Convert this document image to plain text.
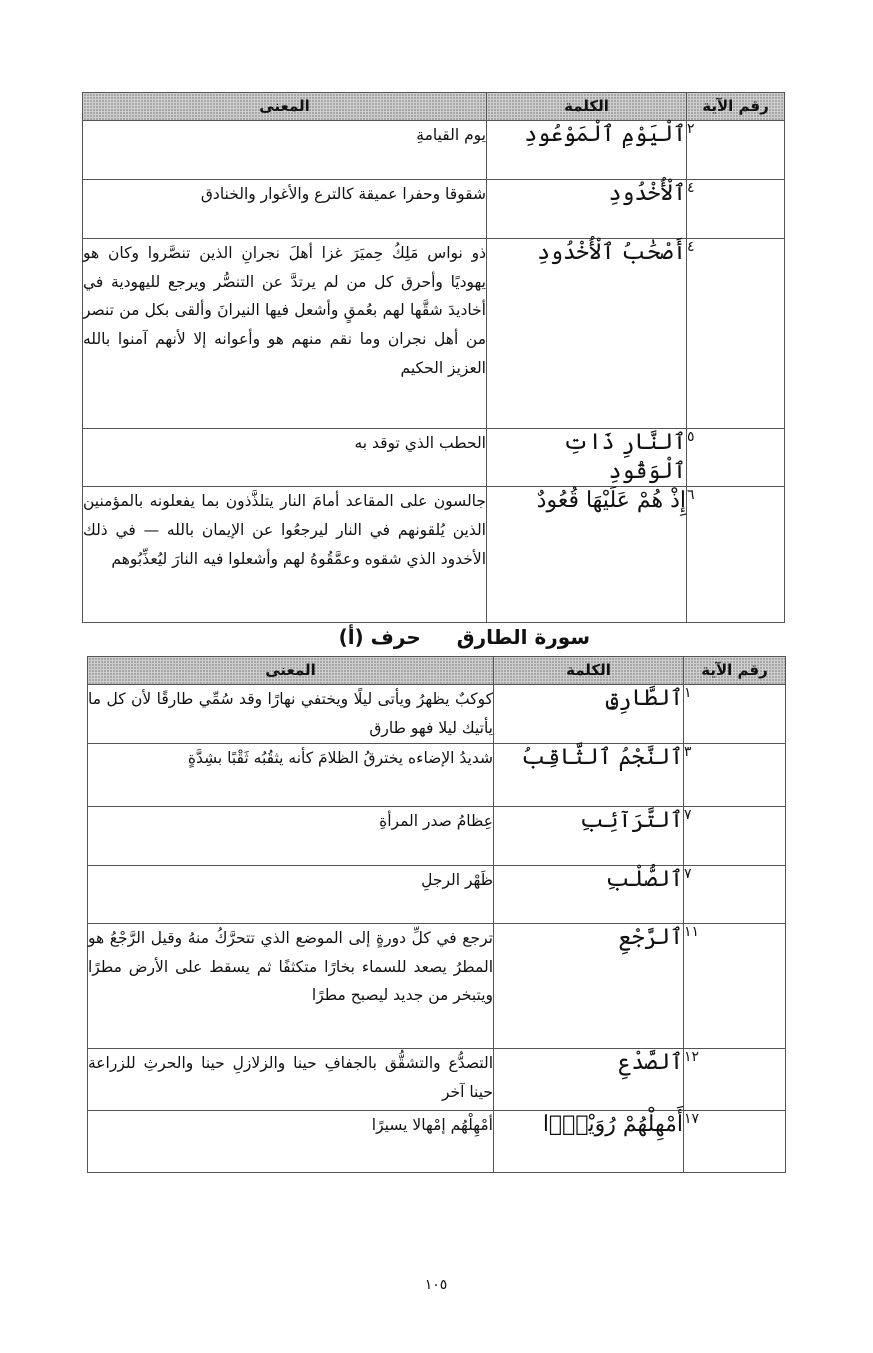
رقم الآية	الكلمة	المعنى
٢	ٱلْيَوْمِ ٱلْمَوْعُودِ	يوم القيامةِ
٤	ٱلْأُخْدُودِ	شقوقا وحفرا عميقة كالترع والأغوار والخنادق
٤	أَصْحَٰبُ ٱلْأُخْدُودِ	ذو نواس مَلِكُ حِميَرَ غزا أهلَ نجرانِ الذين تنصَّروا وكان هو يهوديًا وأحرق كل من لم يرتدَّ عن التنصُّر ويرجع لليهودية في أخاديدَ شقَّها لهم بعُمقٍ وأشعل فيها النيرانَ وألقى بكل من تنصر من أهل نجران وما نقم منهم هو وأعوانه إلا لأنهم آمنوا بالله العزيز الحكيم
٥	ٱلنَّارِ ذَاتِ ٱلْوَقُودِ	الحطب الذي توقد به
٦	إِذْ هُمْ عَلَيْهَا قُعُودٌ	جالسون على المقاعد أمامَ النار يتلذَّذون بما يفعلونه بالمؤمنين الذين يُلقونهم في النار ليرجعُوا عن الإيمان بالله — في ذلك الأخدود الذي شقوه وعمَّقُوهُ لهم وأشعلوا فيه النارَ ليُعذِّبُوهم
سورة الطارقحرف (أ)
رقم الآية	الكلمة	المعنى
١	ٱلطَّارِقِ	كوكبٌ يظهرُ ويأتى ليلًا ويختفي نهارًا وقد سُمِّي طارقًا لأن كل ما يأتيك ليلا فهو طارق
٣	ٱلنَّجْمُ ٱلثَّاقِبُ	شديدُ الإضاءه يخترقُ الظلامَ كأنه يثقُبُه ثَقْبًا بشِدَّةٍ
٧	ٱلتَّرَآئِبِ	عِظامُ صدر المرأةِ
٧	ٱلصُّلْبِ	ظَهْر الرجلِ
١١	ٱلرَّجْعِ	ترجع في كلِّ دورةٍ إلى الموضع الذي تتحرَّكُ منهُ وقيل الرَّجْعُ هو المطرُ يصعد للسماء بخارًا متكثفًا ثم يسقط على الأرض مطرًا ويتبخر من جديد ليصبح مطرًا
١٢	ٱلصَّدْعِ	التصدُّع والتشقُّق بالجفافِ حينا والزلازلِ حينا والحرثِ للزراعة حينا آخر
١٧	أَمْهِلْهُمْ رُوَيْدًۢا	أمْهِلْهُم إمْهالا يسيرًا
١٠٥
